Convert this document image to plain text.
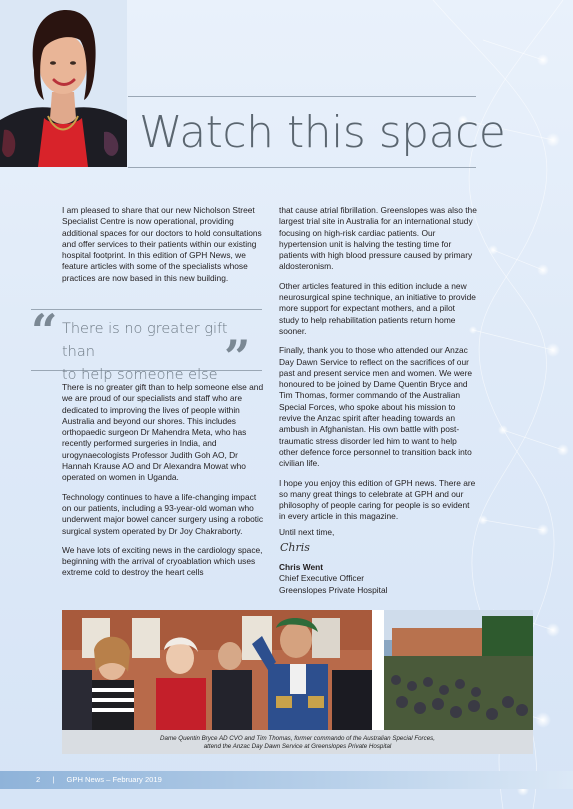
Watch this space

I am pleased to share that our new Nicholson Street Specialist Centre is now operational, providing additional spaces for our doctors to hold consultations and offer services to their patients within our existing hospital footprint. In this edition of GPH News, we feature articles with some of the specialists whose practices are now based in this new building.

“ There is no greater gift than
to help someone else ”

There is no greater gift than to help someone else and we are proud of our specialists and staff who are dedicated to improving the lives of people within Australia and beyond our shores. This includes orthopaedic surgeon Dr Mahendra Meta, who has recently performed surgeries in India, and urogynaecologists Professor Judith Goh AO, Dr Hannah Krause AO and Dr Alexandra Mowat who operated on women in Uganda.

Technology continues to have a life-changing impact on our patients, including a 93-year-old woman who underwent major bowel cancer surgery using a robotic surgical system operated by Dr Joy Chakraborty.

We have lots of exciting news in the cardiology space, beginning with the arrival of cryoablation which uses extreme cold to destroy the heart cells

that cause atrial fibrillation. Greenslopes was also the largest trial site in Australia for an international study focusing on high-risk cardiac patients. Our hypertension unit is halving the testing time for patients with high blood pressure caused by primary aldosteronism.

Other articles featured in this edition include a new neurosurgical spine technique, an initiative to provide more support for expectant mothers, and a pilot study to help rehabilitation patients return home sooner.

Finally, thank you to those who attended our Anzac Day Dawn Service to reflect on the sacrifices of our past and present service men and women. We were honoured to be joined by Dame Quentin Bryce and Tim Thomas, former commando of the Australian Special Forces, who spoke about his mission to revive the Anzac spirit after heading towards an ambush in Afghanistan. His own battle with post-traumatic stress disorder led him to want to help other defence force personnel to transition back into civilian life.

I hope you enjoy this edition of GPH news. There are so many great things to celebrate at GPH and our philosophy of people caring for people is so evident in every article in this magazine.

Until next time,
Chris
Chris Went
Chief Executive Officer
Greenslopes Private Hospital
Dame Quentin Bryce AD CVO and Tim Thomas, former commando of the Australian Special Forces,
attend the Anzac Day Dawn Service at Greenslopes Private Hospital
2 | GPH News – February 2019
